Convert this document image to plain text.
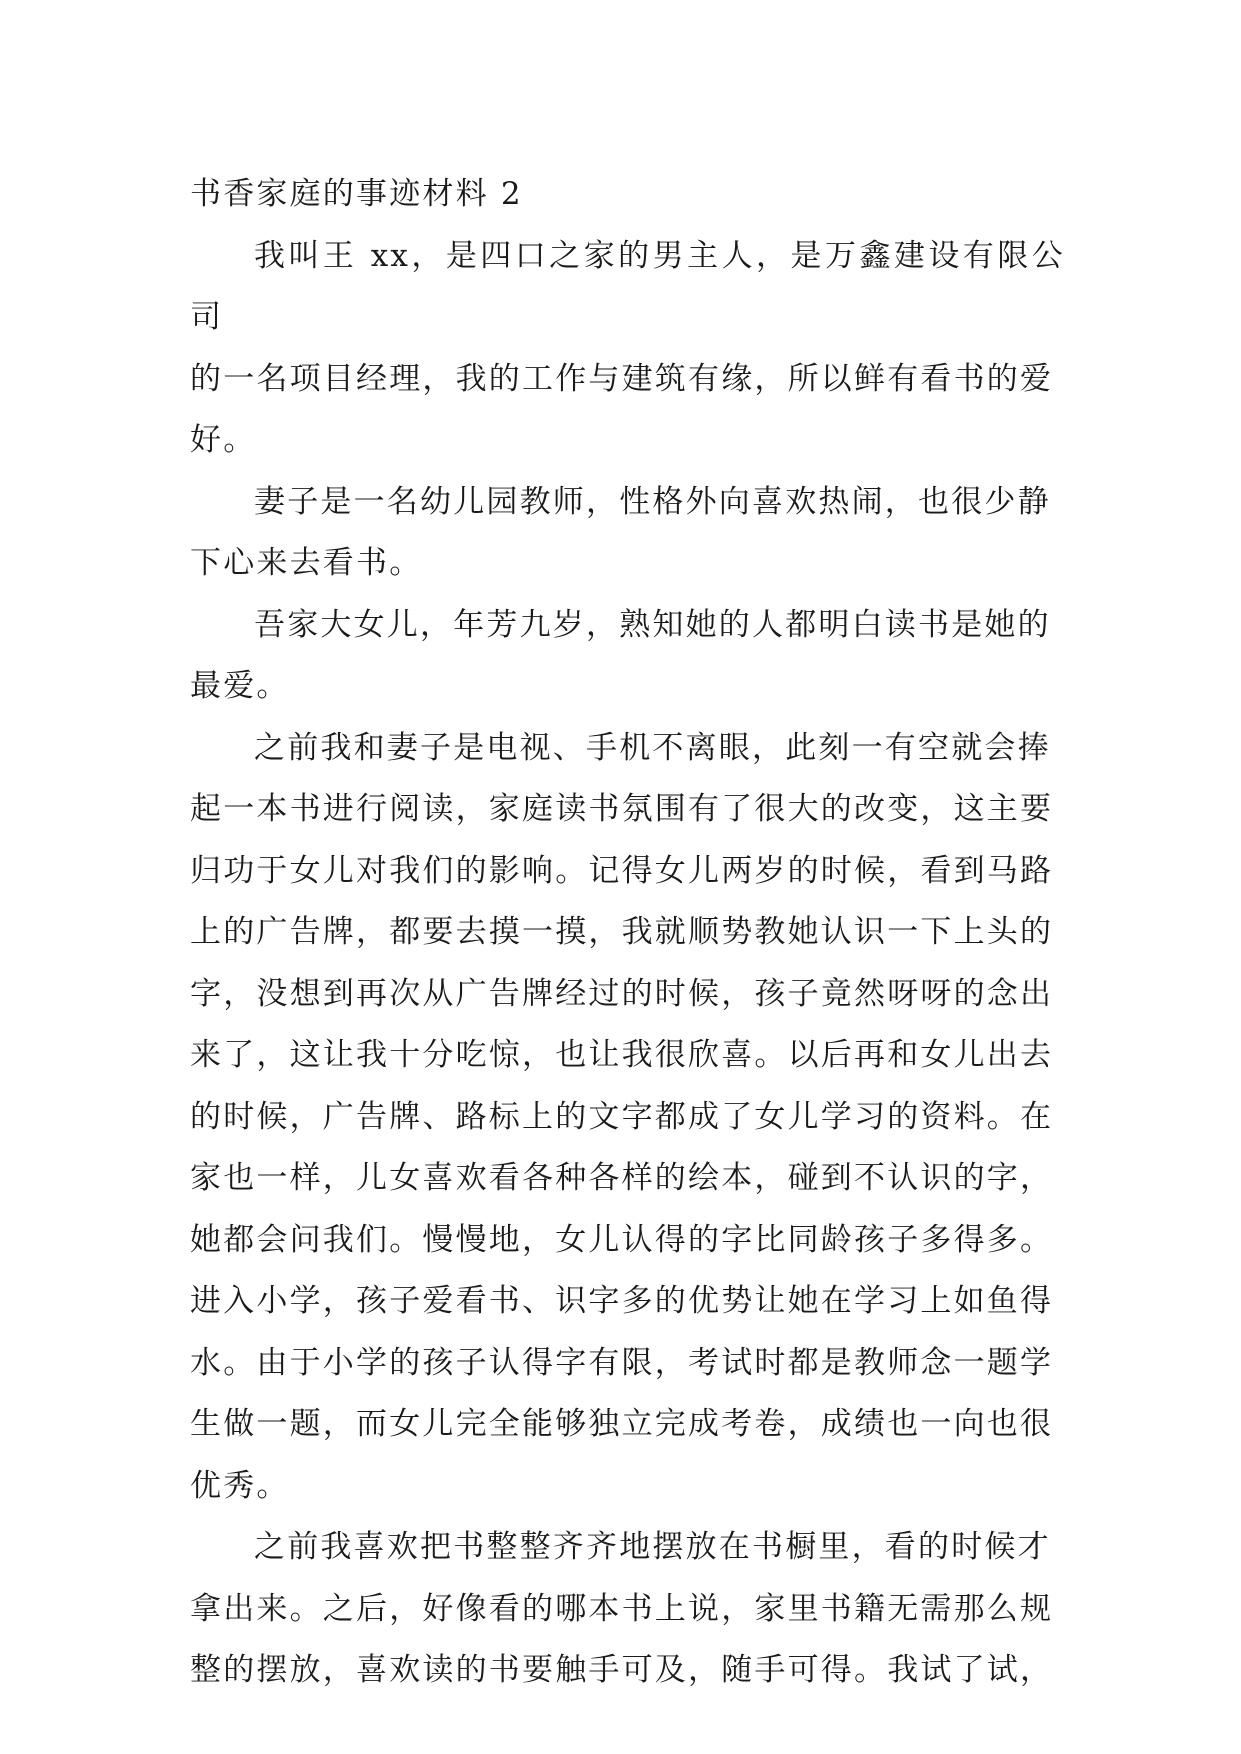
书香家庭的事迹材料 2

我叫王 xx，是四口之家的男主人，是万鑫建设有限公司
的一名项目经理，我的工作与建筑有缘，所以鲜有看书的爱
好。

妻子是一名幼儿园教师，性格外向喜欢热闹，也很少静
下心来去看书。

吾家大女儿，年芳九岁，熟知她的人都明白读书是她的
最爱。

之前我和妻子是电视、手机不离眼，此刻一有空就会捧
起一本书进行阅读，家庭读书氛围有了很大的改变，这主要
归功于女儿对我们的影响。记得女儿两岁的时候，看到马路
上的广告牌，都要去摸一摸，我就顺势教她认识一下上头的
字，没想到再次从广告牌经过的时候，孩子竟然呀呀的念出
来了，这让我十分吃惊，也让我很欣喜。以后再和女儿出去
的时候，广告牌、路标上的文字都成了女儿学习的资料。在
家也一样，儿女喜欢看各种各样的绘本，碰到不认识的字，
她都会问我们。慢慢地，女儿认得的字比同龄孩子多得多。
进入小学，孩子爱看书、识字多的优势让她在学习上如鱼得
水。由于小学的孩子认得字有限，考试时都是教师念一题学
生做一题，而女儿完全能够独立完成考卷，成绩也一向也很
优秀。

之前我喜欢把书整整齐齐地摆放在书橱里，看的时候才
拿出来。之后，好像看的哪本书上说，家里书籍无需那么规
整的摆放，喜欢读的书要触手可及，随手可得。我试了试，
